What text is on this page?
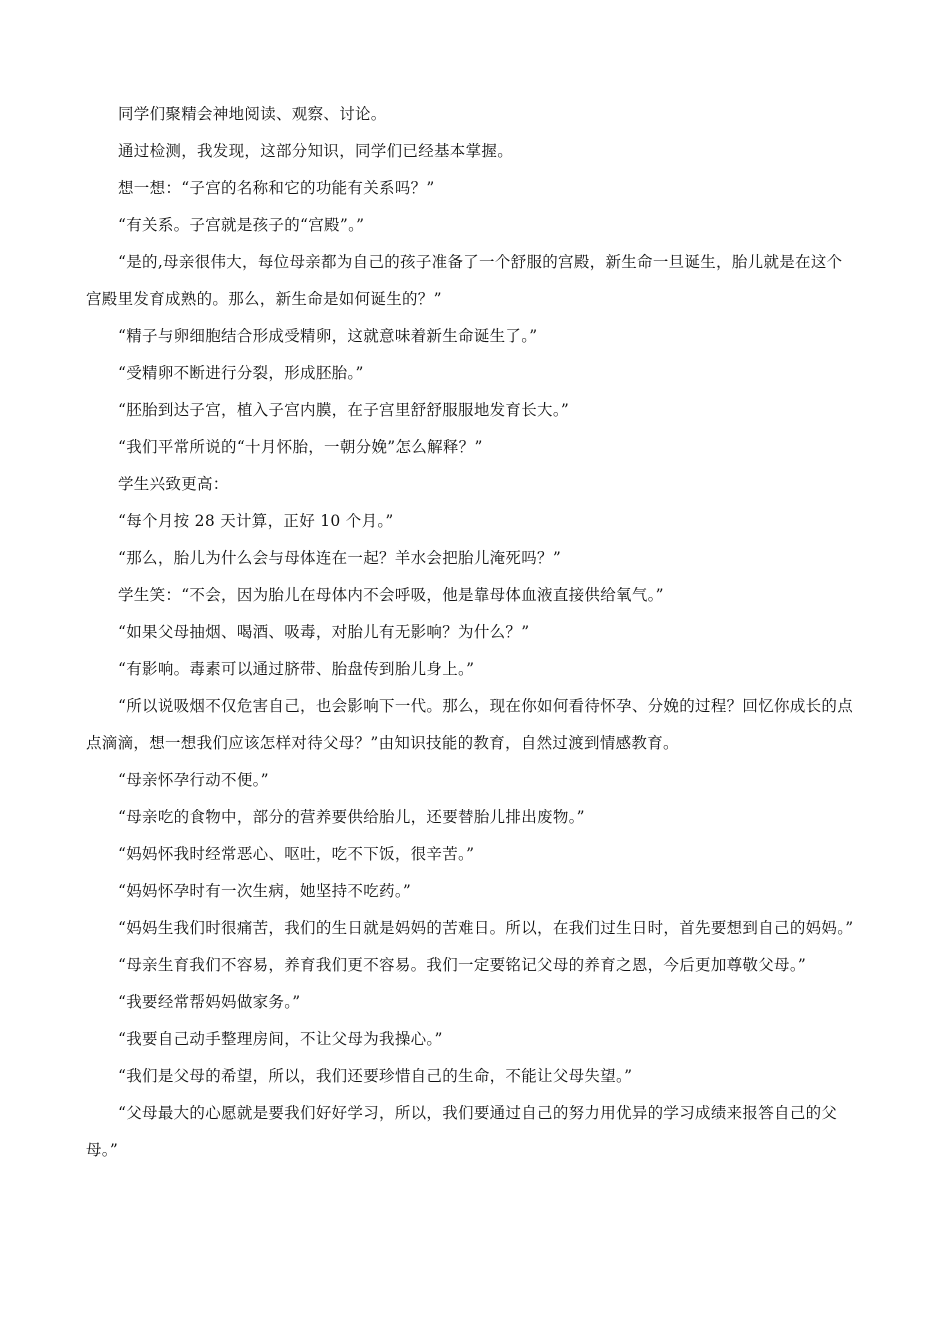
同学们聚精会神地阅读、观察、讨论。

通过检测，我发现，这部分知识，同学们已经基本掌握。

想一想：“子宫的名称和它的功能有关系吗？”

“有关系。子宫就是孩子的“宫殿”。”

“是的,母亲很伟大，每位母亲都为自己的孩子准备了一个舒服的宫殿，新生命一旦诞生，胎儿就是在这个宫殿里发育成熟的。那么，新生命是如何诞生的？”

“精子与卵细胞结合形成受精卵，这就意味着新生命诞生了。”

“受精卵不断进行分裂，形成胚胎。”

“胚胎到达子宫，植入子宫内膜，在子宫里舒舒服服地发育长大。”

“我们平常所说的“十月怀胎，一朝分娩”怎么解释？”

学生兴致更高：

“每个月按 28 天计算，正好 10 个月。”

“那么，胎儿为什么会与母体连在一起？羊水会把胎儿淹死吗？”

学生笑：“不会，因为胎儿在母体内不会呼吸，他是靠母体血液直接供给氧气。”

“如果父母抽烟、喝酒、吸毒，对胎儿有无影响？为什么？”

“有影响。毒素可以通过脐带、胎盘传到胎儿身上。”

“所以说吸烟不仅危害自己，也会影响下一代。那么，现在你如何看待怀孕、分娩的过程？回忆你成长的点点滴滴，想一想我们应该怎样对待父母？”由知识技能的教育，自然过渡到情感教育。

“母亲怀孕行动不便。”

“母亲吃的食物中，部分的营养要供给胎儿，还要替胎儿排出废物。”

“妈妈怀我时经常恶心、呕吐，吃不下饭，很辛苦。”

“妈妈怀孕时有一次生病，她坚持不吃药。”

“妈妈生我们时很痛苦，我们的生日就是妈妈的苦难日。所以，在我们过生日时，首先要想到自己的妈妈。”

“母亲生育我们不容易，养育我们更不容易。我们一定要铭记父母的养育之恩，今后更加尊敬父母。”

“我要经常帮妈妈做家务。”

“我要自己动手整理房间，不让父母为我操心。”

“我们是父母的希望，所以，我们还要珍惜自己的生命，不能让父母失望。”

“父母最大的心愿就是要我们好好学习，所以，我们要通过自己的努力用优异的学习成绩来报答自己的父母。”
